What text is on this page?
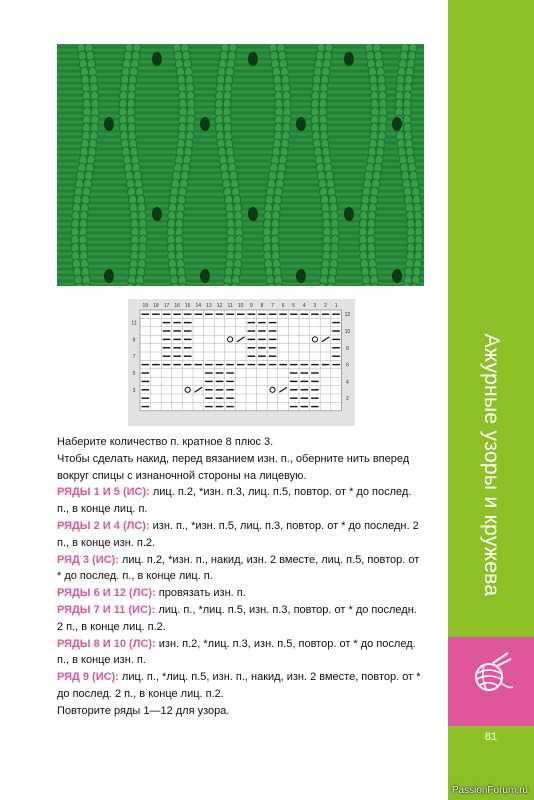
19 18 17 16 15 14 13 12 11 10 9 8 7 6 5 4 3 2 1
12
10
8
6
4
2
11
9
7
5
3

Наберите количество п. кратное 8 плюс 3.

Чтобы сделать накид, перед вязанием изн. п., оберните нить вперед вокруг спицы с изнаночной стороны на лицевую.

РЯДЫ 1 И 5 (ИС): лиц. п.2, *изн. п.3, лиц. п.5, повтор. от * до послед. п., в конце лиц. п.

РЯДЫ 2 И 4 (ЛС): изн. п., *изн. п.5, лиц. п.3, повтор. от * до последн. 2 п., в конце изн. п.2.

РЯД 3 (ИС): лиц. п.2, *изн. п., накид, изн. 2 вместе, лиц. п.5, повтор. от * до послед. п., в конце лиц. п.

РЯДЫ 6 И 12 (ЛС): провязать изн. п.

РЯДЫ 7 И 11 (ИС): лиц. п., *лиц. п.5, изн. п.3, повтор. от * до последн. 2 п., в конце лиц. п.2.

РЯДЫ 8 И 10 (ЛС): изн. п.2, *лиц. п.3, изн. п.5, повтор. от * до послед. п., в конце изн. п.

РЯД 9 (ИС): лиц. п., *лиц. п.5, изн. п., накид, изн. 2 вместе, повтор. от * до послед. 2 п., в конце лиц. п.2.

Повторите ряды 1—12 для узора.

Ажурные узоры и кружева
81
PassionForum.ru
